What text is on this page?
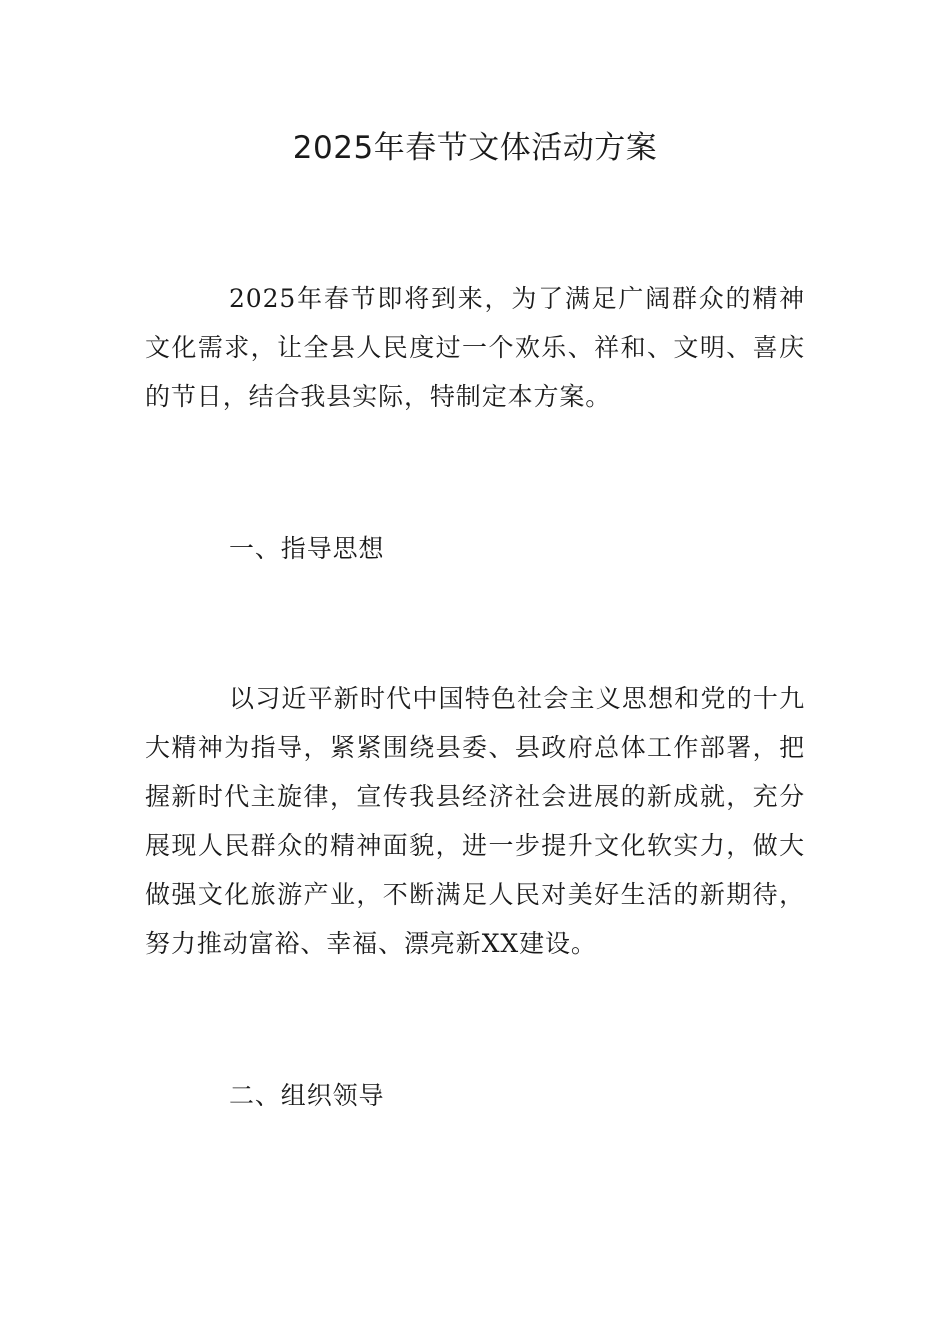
2025年春节文体活动方案

2025年春节即将到来，为了满足广阔群众的精神文化需求，让全县人民度过一个欢乐、祥和、文明、喜庆的节日，结合我县实际，特制定本方案。

一、指导思想

以习近平新时代中国特色社会主义思想和党的十九大精神为指导，紧紧围绕县委、县政府总体工作部署，把握新时代主旋律，宣传我县经济社会进展的新成就，充分展现人民群众的精神面貌，进一步提升文化软实力，做大做强文化旅游产业，不断满足人民对美好生活的新期待，努力推动富裕、幸福、漂亮新XX建设。

二、组织领导
